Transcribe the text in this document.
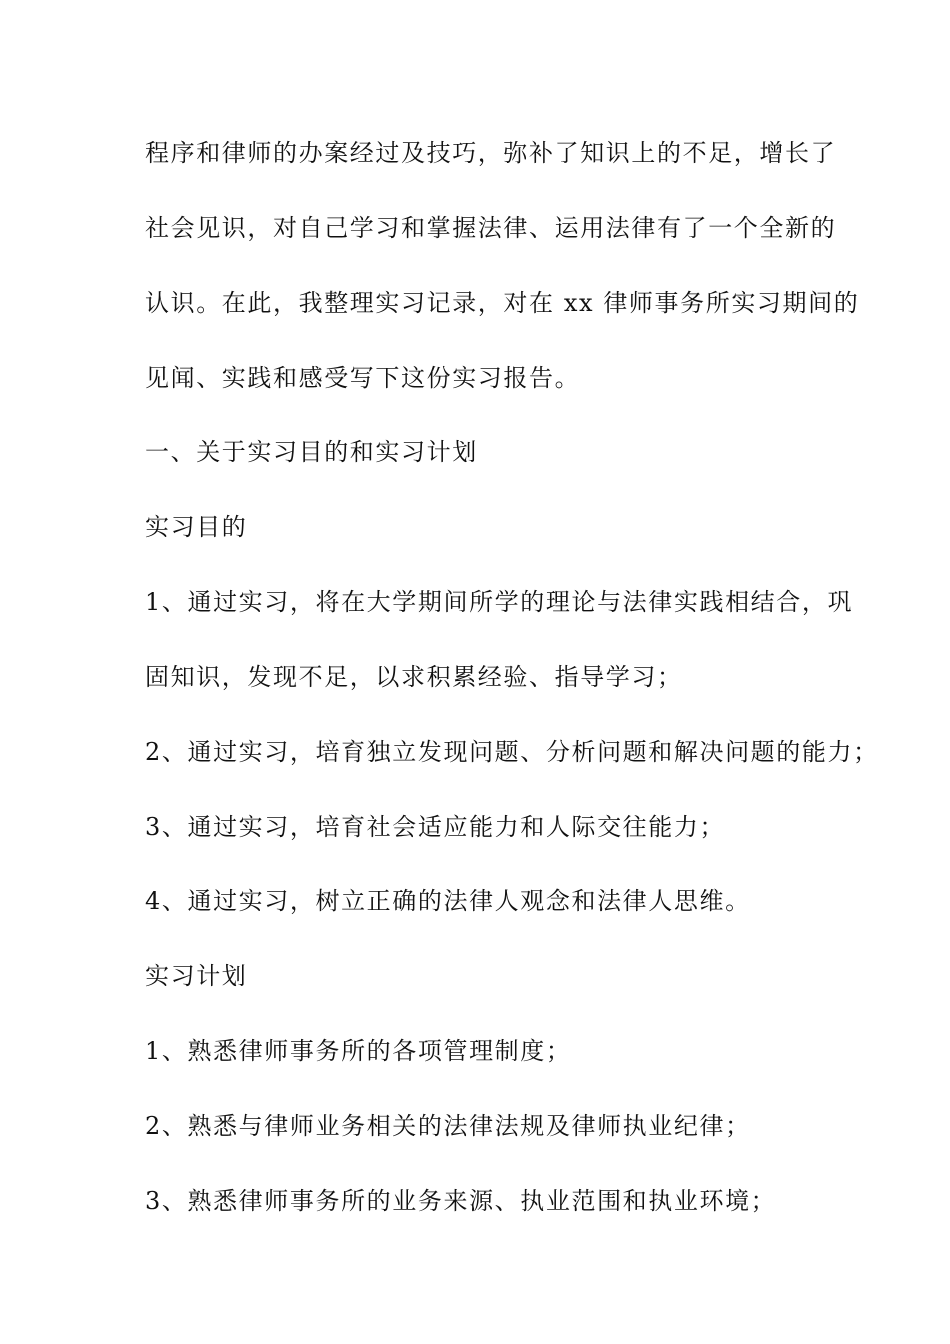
程序和律师的办案经过及技巧，弥补了知识上的不足，增长了
社会见识，对自己学习和掌握法律、运用法律有了一个全新的
认识。在此，我整理实习记录，对在 xx 律师事务所实习期间的
见闻、实践和感受写下这份实习报告。
一、关于实习目的和实习计划
实习目的
1、通过实习，将在大学期间所学的理论与法律实践相结合，巩
固知识，发现不足，以求积累经验、指导学习；
2、通过实习，培育独立发现问题、分析问题和解决问题的能力；
3、通过实习，培育社会适应能力和人际交往能力；
4、通过实习，树立正确的法律人观念和法律人思维。
实习计划
1、熟悉律师事务所的各项管理制度；
2、熟悉与律师业务相关的法律法规及律师执业纪律；
3、熟悉律师事务所的业务来源、执业范围和执业环境；
